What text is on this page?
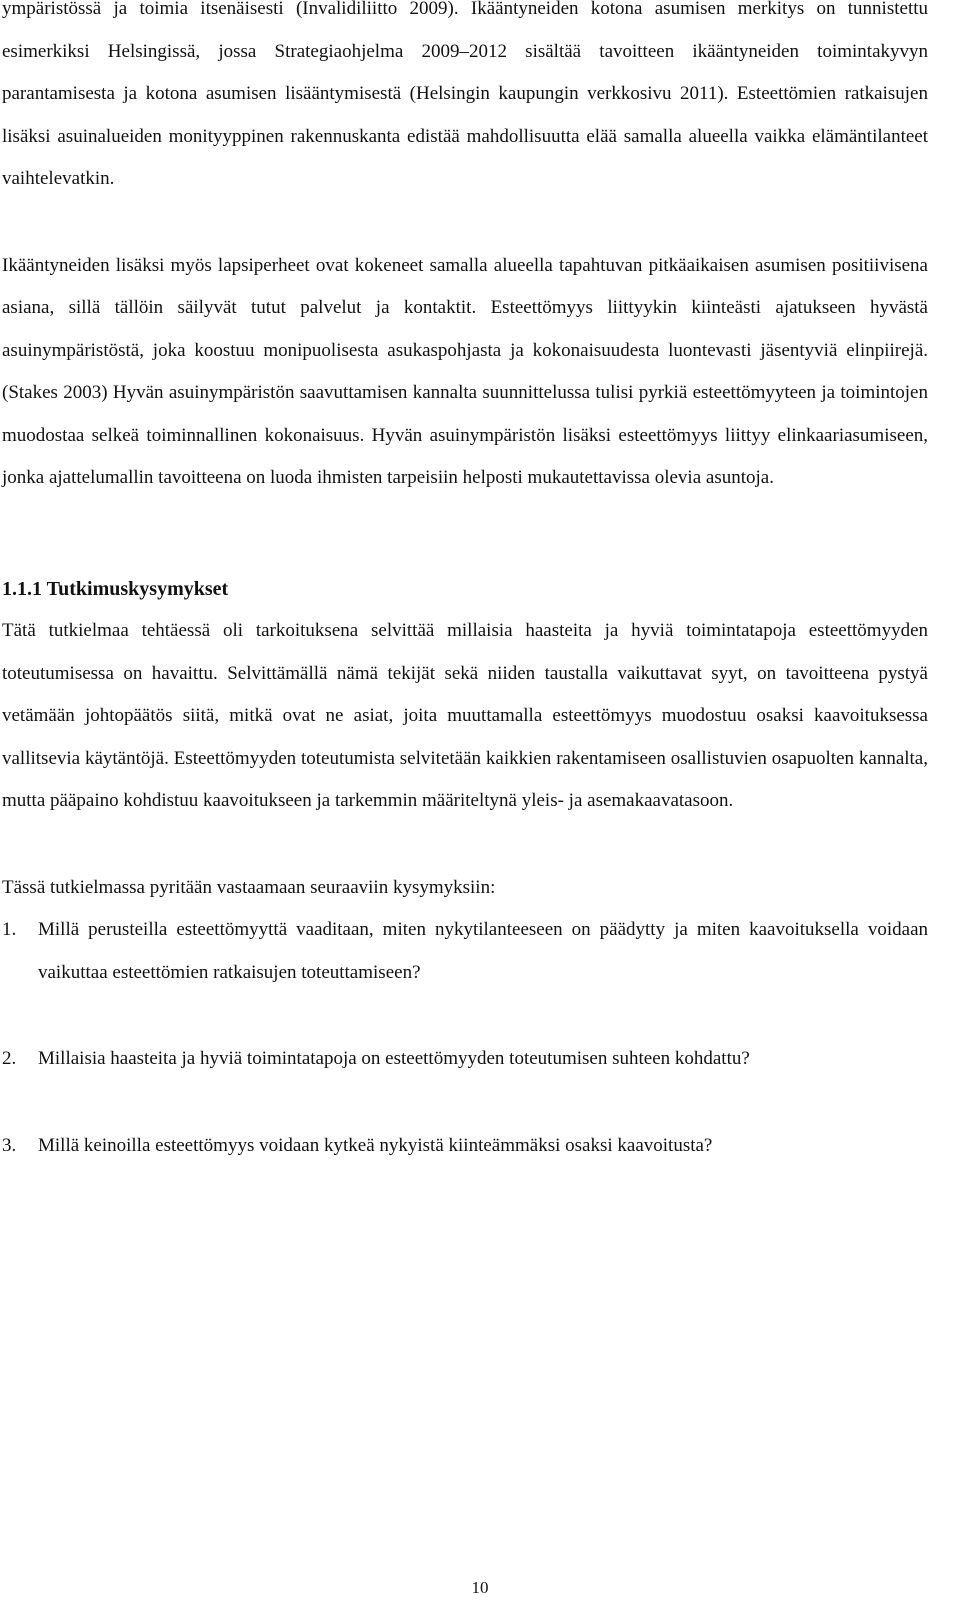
ympäristössä ja toimia itsenäisesti (Invalidiliitto 2009). Ikääntyneiden kotona asumisen merkitys on tunnistettu esimerkiksi Helsingissä, jossa Strategiaohjelma 2009–2012 sisältää tavoitteen ikääntyneiden toimintakyvyn parantamisesta ja kotona asumisen lisääntymisestä (Helsingin kaupungin verkkosivu 2011). Esteettömien ratkaisujen lisäksi asuinalueiden monityyppinen rakennuskanta edistää mahdollisuutta elää samalla alueella vaikka elämäntilanteet vaihtelevatkin.

Ikääntyneiden lisäksi myös lapsiperheet ovat kokeneet samalla alueella tapahtuvan pitkäaikaisen asumisen positiivisena asiana, sillä tällöin säilyvät tutut palvelut ja kontaktit. Esteettömyys liittyykin kiinteästi ajatukseen hyvästä asuinympäristöstä, joka koostuu monipuolisesta asukaspohjasta ja kokonaisuudesta luontevasti jäsentyviä elinpiirejä. (Stakes 2003) Hyvän asuinympäristön saavuttamisen kannalta suunnittelussa tulisi pyrkiä esteettömyyteen ja toimintojen muodostaa selkeä toiminnallinen kokonaisuus. Hyvän asuinympäristön lisäksi esteettömyys liittyy elinkaariasumiseen, jonka ajattelumallin tavoitteena on luoda ihmisten tarpeisiin helposti mukautettavissa olevia asuntoja.

1.1.1 Tutkimuskysymykset

Tätä tutkielmaa tehtäessä oli tarkoituksena selvittää millaisia haasteita ja hyviä toimintatapoja esteettömyyden toteutumisessa on havaittu. Selvittämällä nämä tekijät sekä niiden taustalla vaikuttavat syyt, on tavoitteena pystyä vetämään johtopäätös siitä, mitkä ovat ne asiat, joita muuttamalla esteettömyys muodostuu osaksi kaavoituksessa vallitsevia käytäntöjä. Esteettömyyden toteutumista selvitetään kaikkien rakentamiseen osallistuvien osapuolten kannalta, mutta pääpaino kohdistuu kaavoitukseen ja tarkemmin määriteltynä yleis- ja asemakaavatasoon.

Tässä tutkielmassa pyritään vastaamaan seuraaviin kysymyksiin:

1.	Millä perusteilla esteettömyyttä vaaditaan, miten nykytilanteeseen on päädytty ja miten kaavoituksella voidaan vaikuttaa esteettömien ratkaisujen toteuttamiseen?
2.	Millaisia haasteita ja hyviä toimintatapoja on esteettömyyden toteutumisen suhteen kohdattu?
3.	Millä keinoilla esteettömyys voidaan kytkeä nykyistä kiinteämmäksi osaksi kaavoitusta?
10
